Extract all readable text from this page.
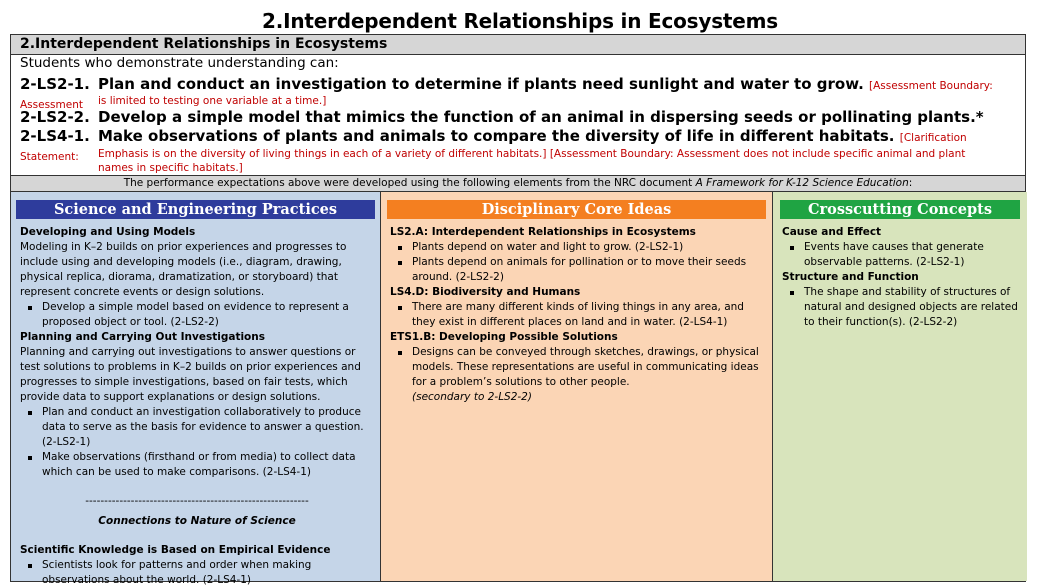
2.Interdependent Relationships in Ecosystems
2.Interdependent Relationships in Ecosystems
Students who demonstrate understanding can:
2-LS2-1. Plan and conduct an investigation to determine if plants need sunlight and water to grow. [Assessment Boundary: Assessment	is limited to testing one variable at a time.]
2-LS2-2. Develop a simple model that mimics the function of an animal in dispersing seeds or pollinating plants.*
2-LS4-1. Make observations of plants and animals to compare the diversity of life in different habitats. [Clarification Statement:	Emphasis is on the diversity of living things in each of a variety of different habitats.] [Assessment Boundary: Assessment does not include specific animal and plant
names in specific habitats.]
The performance expectations above were developed using the following elements from the NRC document A Framework for K-12 Science Education:
Science and Engineering Practices
Developing and Using Models
Modeling in K–2 builds on prior experiences and progresses to include using and developing models (i.e., diagram, drawing, physical replica, diorama, dramatization, or storyboard) that represent concrete events or design solutions.
Develop a simple model based on evidence to represent a proposed object or tool. (2-LS2-2)
Planning and Carrying Out Investigations
Planning and carrying out investigations to answer questions or test solutions to problems in K–2 builds on prior experiences and progresses to simple investigations, based on fair tests, which provide data to support explanations or design solutions.
Plan and conduct an investigation collaboratively to produce data to serve as the basis for evidence to answer a question. (2-LS2-1)
Make observations (firsthand or from media) to collect data which can be used to make comparisons. (2-LS4-1)
-----------------------------------------------------------
Connections to Nature of Science
Scientific Knowledge is Based on Empirical Evidence
Scientists look for patterns and order when making observations about the world. (2-LS4-1)
Disciplinary Core Ideas
LS2.A: Interdependent Relationships in Ecosystems
Plants depend on water and light to grow. (2-LS2-1)
Plants depend on animals for pollination or to move their seeds around. (2-LS2-2)
LS4.D: Biodiversity and Humans
There are many different kinds of living things in any area, and they exist in different places on land and in water. (2-LS4-1)
ETS1.B: Developing Possible Solutions
Designs can be conveyed through sketches, drawings, or physical models. These representations are useful in communicating ideas for a problem’s solutions to other people.
(secondary to 2-LS2-2)
Crosscutting Concepts
Cause and Effect
Events have causes that generate observable patterns. (2-LS2-1)
Structure and Function
The shape and stability of structures of natural and designed objects are related to their function(s). (2-LS2-2)
